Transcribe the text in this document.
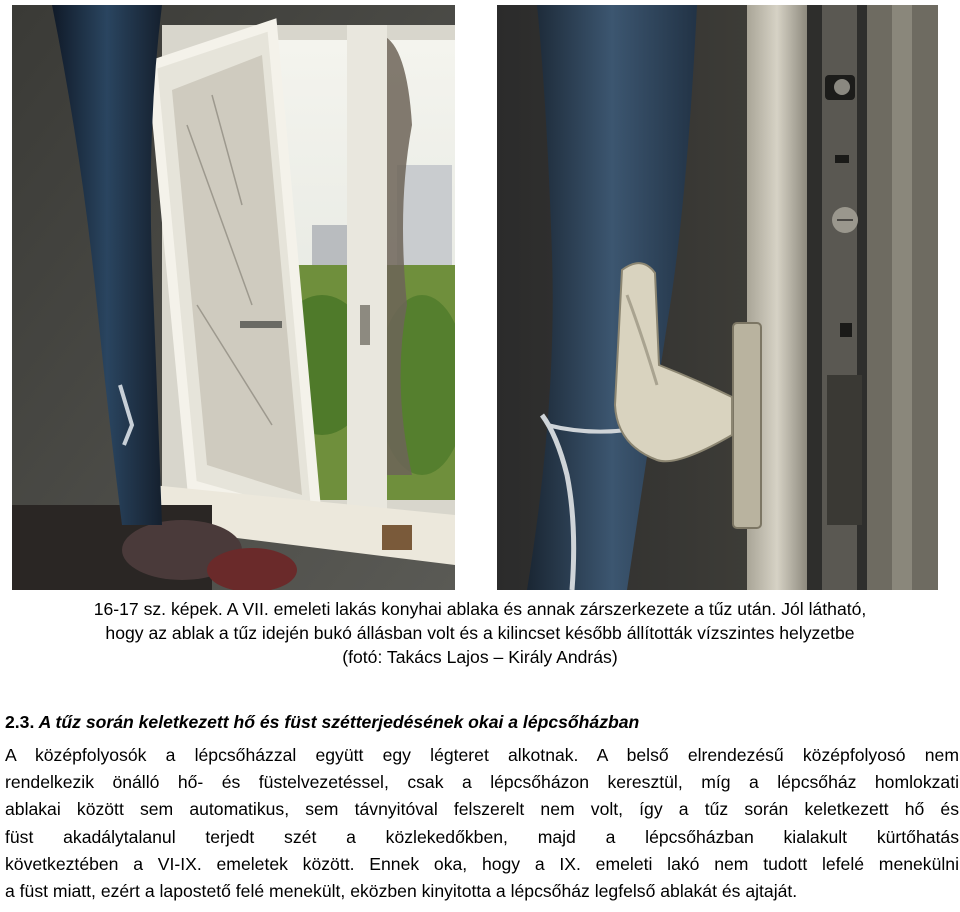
16-17 sz. képek. A VII. emeleti lakás konyhai ablaka és annak zárszerkezete a tűz után. Jól látható,
hogy az ablak a tűz idején bukó állásban volt és a kilincset később állították vízszintes helyzetbe
(fotó: Takács Lajos – Király András)
2.3. A tűz során keletkezett hő és füst szétterjedésének okai a lépcsőházban
A középfolyosók a lépcsőházzal együtt egy légteret alkotnak. A belső elrendezésű középfolyosó nem
rendelkezik önálló hő- és füstelvezetéssel, csak a lépcsőházon keresztül, míg a lépcsőház homlokzati
ablakai között sem automatikus, sem távnyitóval felszerelt nem volt, így a tűz során keletkezett hő és
füst akadálytalanul terjedt szét a közlekedőkben, majd a lépcsőházban kialakult kürtőhatás
következtében a VI-IX. emeletek között. Ennek oka, hogy a IX. emeleti lakó nem tudott lefelé menekülni
a füst miatt, ezért a lapostető felé menekült, eközben kinyitotta a lépcsőház legfelső ablakát és ajtaját.
